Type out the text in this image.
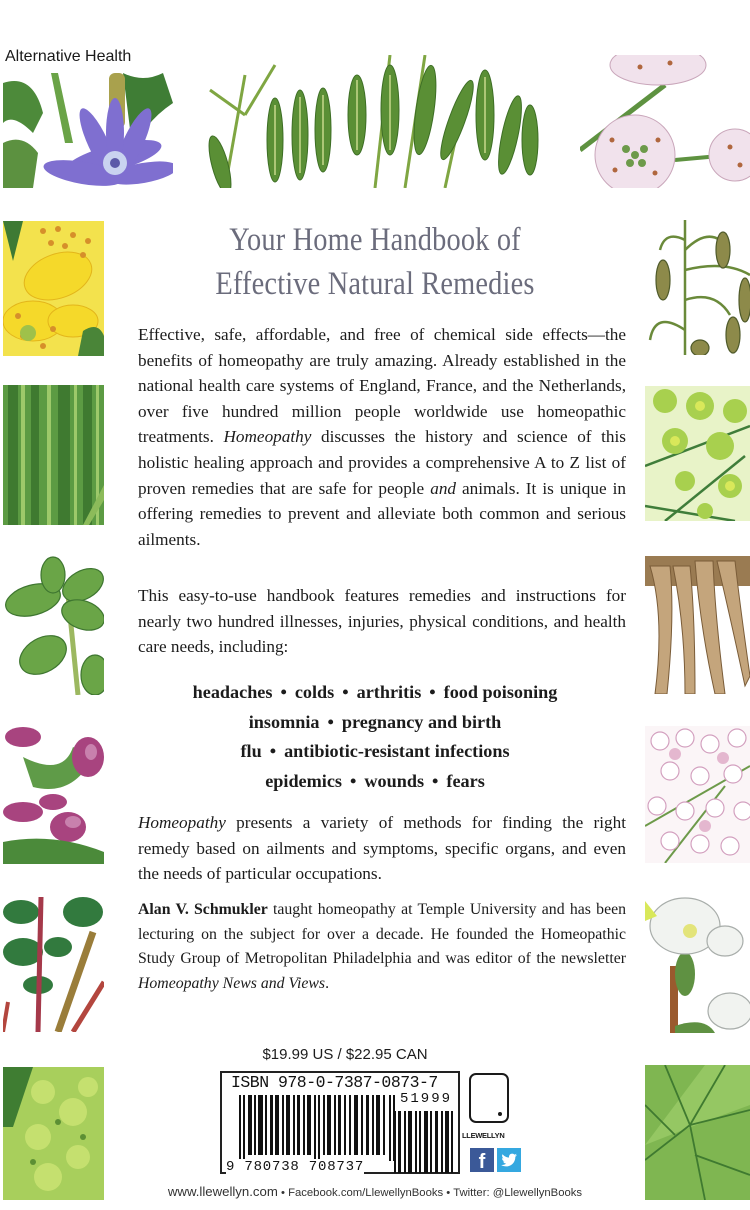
Alternative Health
Your Home Handbook of
Effective Natural Remedies
Effective, safe, affordable, and free of chemical side effects—the benefits of homeopathy are truly amazing. Already established in the national health care systems of England, France, and the Netherlands, over five hundred million people worldwide use homeopathic treatments. Homeopathy discusses the history and science of this holistic healing approach and provides a comprehensive A to Z list of proven remedies that are safe for people and animals. It is unique in offering remedies to prevent and alleviate both common and serious ailments.
This easy-to-use handbook features remedies and instructions for nearly two hundred illnesses, injuries, physical conditions, and health care needs, including:
headaches • colds • arthritis • food poisoning
insomnia • pregnancy and birth
flu • antibiotic-resistant infections
epidemics • wounds • fears
Homeopathy presents a variety of methods for finding the right remedy based on ailments and symptoms, specific organs, and even the needs of particular occupations.
Alan V. Schmukler taught homeopathy at Temple University and has been lecturing on the subject for over a decade. He founded the Homeopathic Study Group of Metropolitan Philadelphia and was editor of the newsletter Homeopathy News and Views.
$19.99 US / $22.95 CAN
ISBN 978-0-7387-0873-7
51999
9 780738 708737
LLEWELLYN
f
www.llewellyn.com • Facebook.com/LlewellynBooks • Twitter: @LlewellynBooks
